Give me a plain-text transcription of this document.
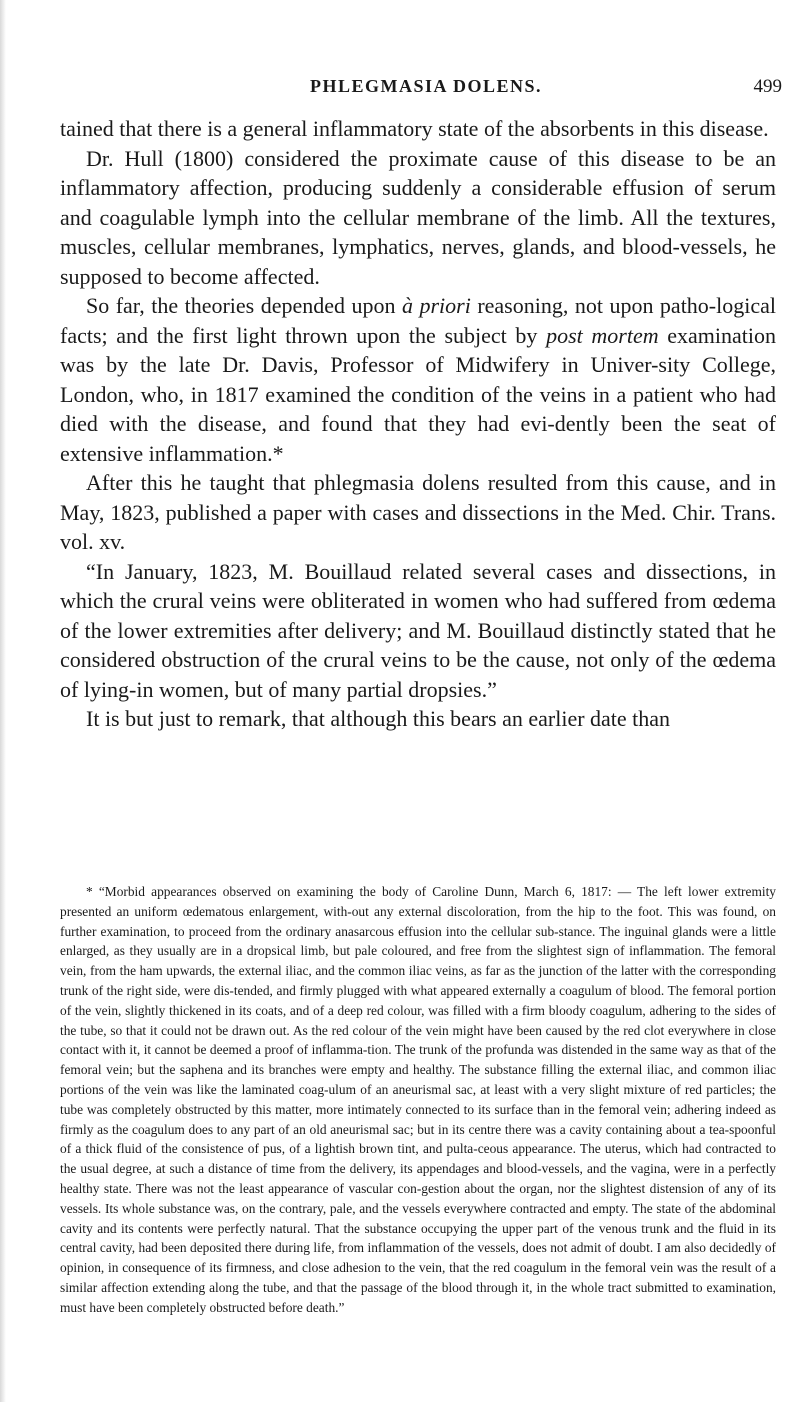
PHLEGMASIA DOLENS.	499

tained that there is a general inflammatory state of the absorbents in this disease.

Dr. Hull (1800) considered the proximate cause of this disease to be an inflammatory affection, producing suddenly a considerable effusion of serum and coagulable lymph into the cellular membrane of the limb. All the textures, muscles, cellular membranes, lymphatics, nerves, glands, and blood-vessels, he supposed to become affected.

So far, the theories depended upon à priori reasoning, not upon patho-logical facts; and the first light thrown upon the subject by post mortem examination was by the late Dr. Davis, Professor of Midwifery in Univer-sity College, London, who, in 1817 examined the condition of the veins in a patient who had died with the disease, and found that they had evi-dently been the seat of extensive inflammation.*

After this he taught that phlegmasia dolens resulted from this cause, and in May, 1823, published a paper with cases and dissections in the Med. Chir. Trans. vol. xv.

“In January, 1823, M. Bouillaud related several cases and dissections, in which the crural veins were obliterated in women who had suffered from œdema of the lower extremities after delivery; and M. Bouillaud distinctly stated that he considered obstruction of the crural veins to be the cause, not only of the œdema of lying-in women, but of many partial dropsies.”

It is but just to remark, that although this bears an earlier date than

* “Morbid appearances observed on examining the body of Caroline Dunn, March 6, 1817: — The left lower extremity presented an uniform œdematous enlargement, with-out any external discoloration, from the hip to the foot. This was found, on further examination, to proceed from the ordinary anasarcous effusion into the cellular sub-stance. The inguinal glands were a little enlarged, as they usually are in a dropsical limb, but pale coloured, and free from the slightest sign of inflammation. The femoral vein, from the ham upwards, the external iliac, and the common iliac veins, as far as the junction of the latter with the corresponding trunk of the right side, were dis-tended, and firmly plugged with what appeared externally a coagulum of blood. The femoral portion of the vein, slightly thickened in its coats, and of a deep red colour, was filled with a firm bloody coagulum, adhering to the sides of the tube, so that it could not be drawn out. As the red colour of the vein might have been caused by the red clot everywhere in close contact with it, it cannot be deemed a proof of inflamma-tion. The trunk of the profunda was distended in the same way as that of the femoral vein; but the saphena and its branches were empty and healthy. The substance filling the external iliac, and common iliac portions of the vein was like the laminated coag-ulum of an aneurismal sac, at least with a very slight mixture of red particles; the tube was completely obstructed by this matter, more intimately connected to its surface than in the femoral vein; adhering indeed as firmly as the coagulum does to any part of an old aneurismal sac; but in its centre there was a cavity containing about a tea-spoonful of a thick fluid of the consistence of pus, of a lightish brown tint, and pulta-ceous appearance. The uterus, which had contracted to the usual degree, at such a distance of time from the delivery, its appendages and blood-vessels, and the vagina, were in a perfectly healthy state. There was not the least appearance of vascular con-gestion about the organ, nor the slightest distension of any of its vessels. Its whole substance was, on the contrary, pale, and the vessels everywhere contracted and empty. The state of the abdominal cavity and its contents were perfectly natural. That the substance occupying the upper part of the venous trunk and the fluid in its central cavity, had been deposited there during life, from inflammation of the vessels, does not admit of doubt. I am also decidedly of opinion, in consequence of its firmness, and close adhesion to the vein, that the red coagulum in the femoral vein was the result of a similar affection extending along the tube, and that the passage of the blood through it, in the whole tract submitted to examination, must have been completely obstructed before death.”
